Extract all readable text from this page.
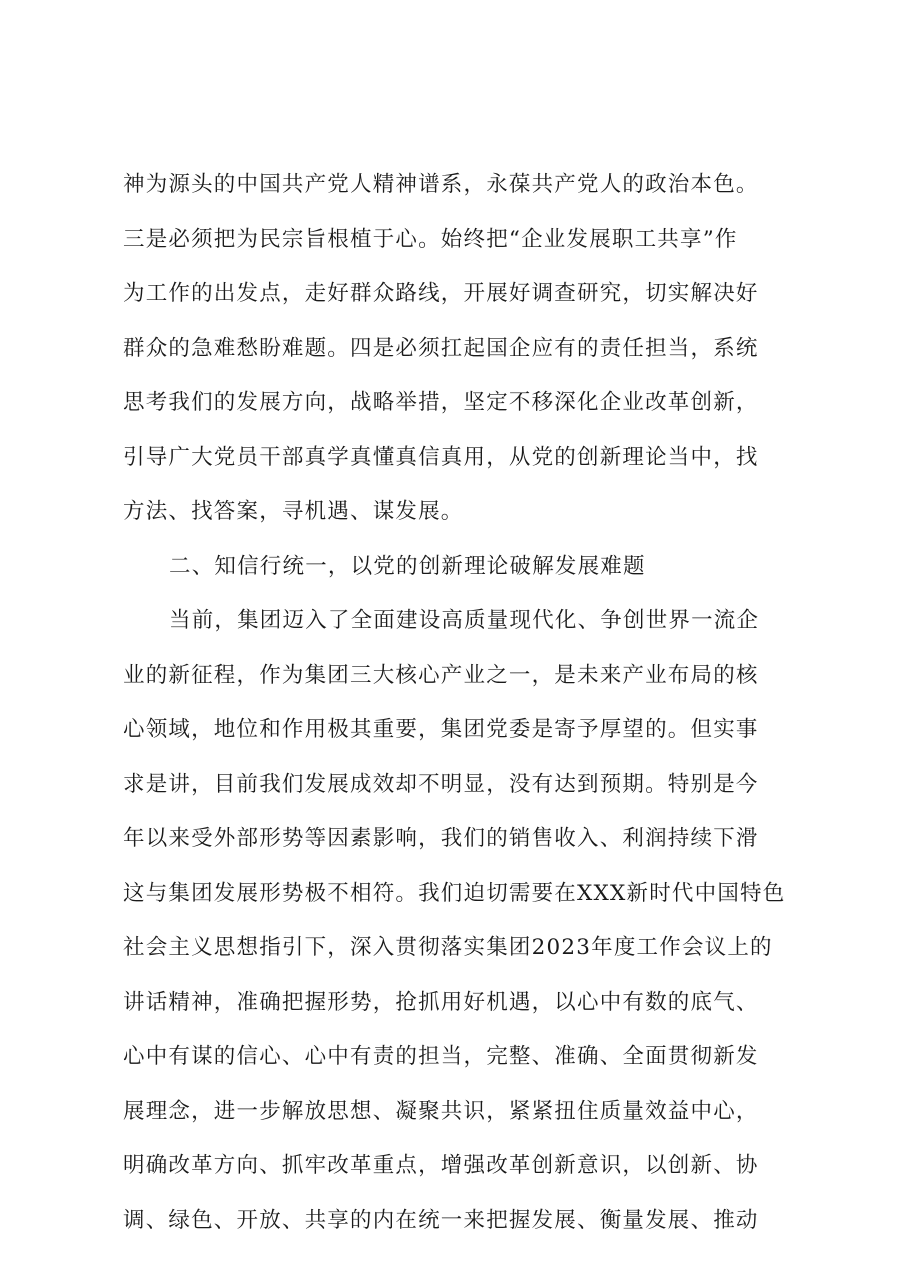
神为源头的中国共产党人精神谱系，永葆共产党人的政治本色。
三是必须把为民宗旨根植于心。始终把“企业发展职工共享”作
为工作的出发点，走好群众路线，开展好调查研究，切实解决好
群众的急难愁盼难题。四是必须扛起国企应有的责任担当，系统
思考我们的发展方向，战略举措，坚定不移深化企业改革创新，
引导广大党员干部真学真懂真信真用，从党的创新理论当中，找
方法、找答案，寻机遇、谋发展。
二、知信行统一，以党的创新理论破解发展难题
当前，集团迈入了全面建设高质量现代化、争创世界一流企
业的新征程，作为集团三大核心产业之一，是未来产业布局的核
心领域，地位和作用极其重要，集团党委是寄予厚望的。但实事
求是讲，目前我们发展成效却不明显，没有达到预期。特别是今
年以来受外部形势等因素影响，我们的销售收入、利润持续下滑
这与集团发展形势极不相符。我们迫切需要在XXX新时代中国特色
社会主义思想指引下，深入贯彻落实集团2023年度工作会议上的
讲话精神，准确把握形势，抢抓用好机遇，以心中有数的底气、
心中有谋的信心、心中有责的担当，完整、准确、全面贯彻新发
展理念，进一步解放思想、凝聚共识，紧紧扭住质量效益中心，
明确改革方向、抓牢改革重点，增强改革创新意识，以创新、协
调、绿色、开放、共享的内在统一来把握发展、衡量发展、推动
